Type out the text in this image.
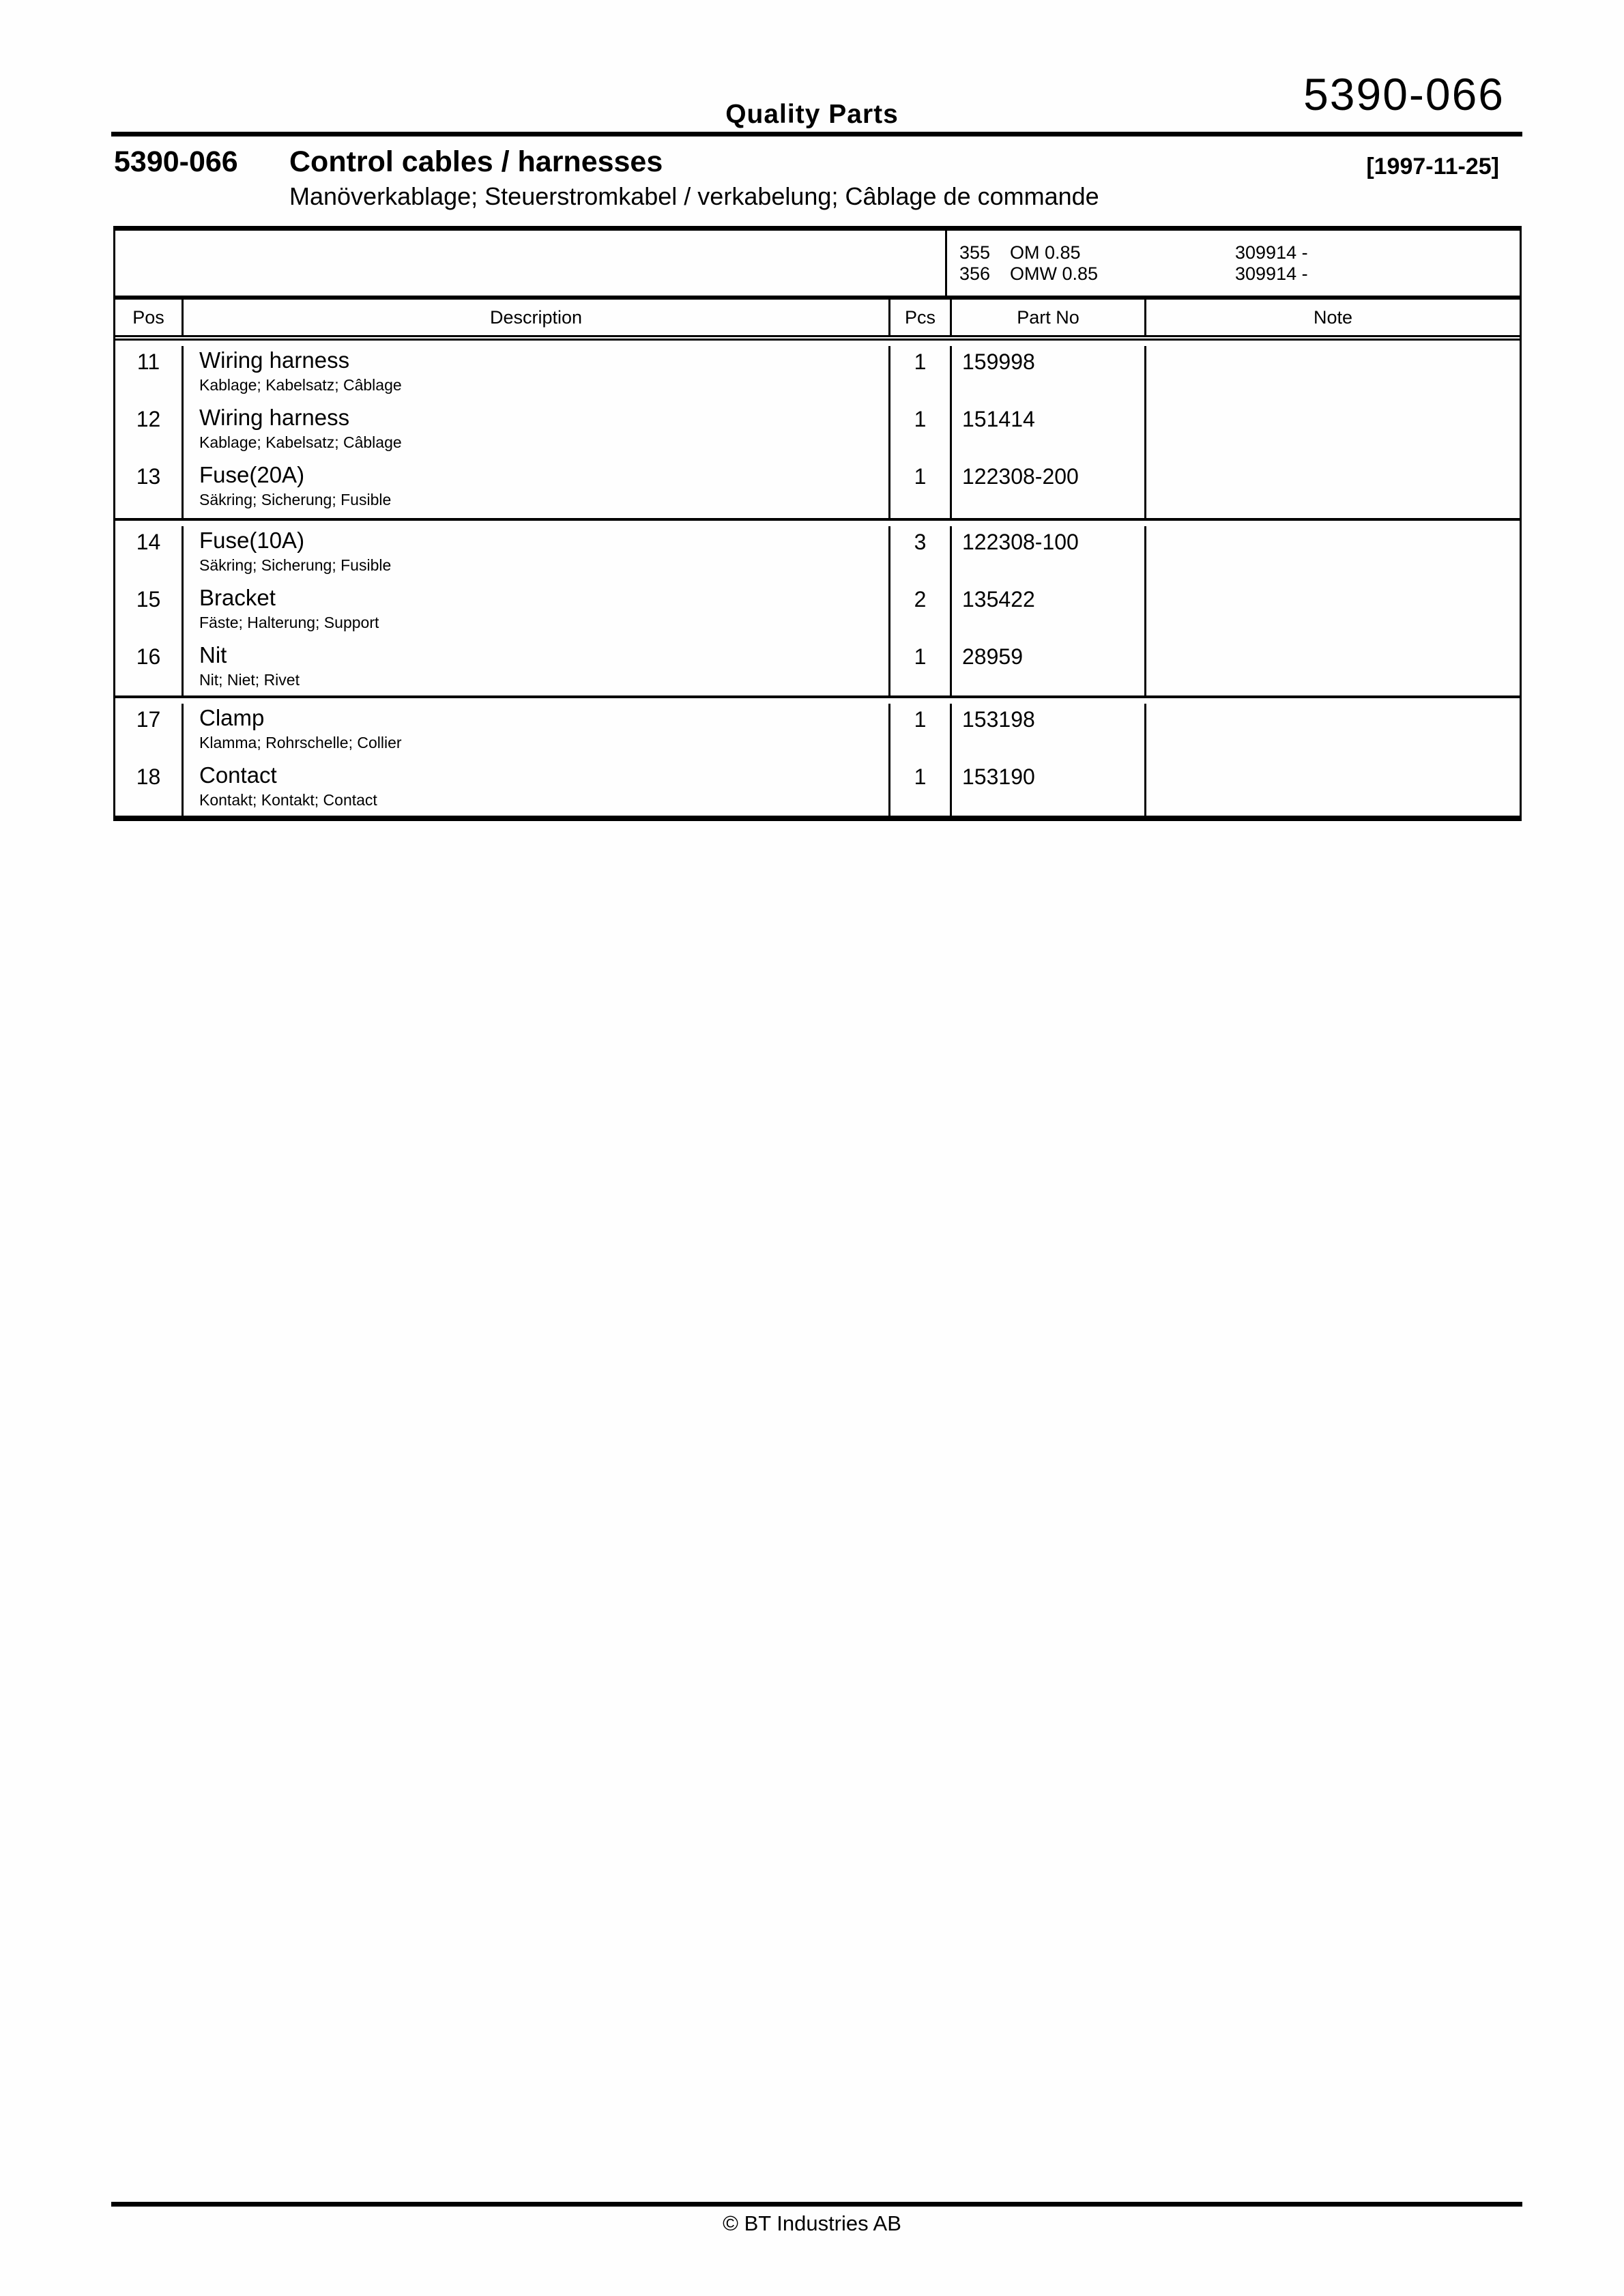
Quality Parts	5390-066
5390-066 Control cables / harnesses	[1997-11-25]
Manöverkablage; Steuerstromkabel / verkabelung; Câblage de commande
355 OM 0.85	309914 -
356 OMW 0.85	309914 -
Pos	Description	Pcs	Part No	Note
11	Wiring harness
Kablage; Kabelsatz; Câblage
1	159998
12	Wiring harness
Kablage; Kabelsatz; Câblage
1	151414
13	Fuse(20A)
Säkring; Sicherung; Fusible
1	122308-200
14	Fuse(10A)
Säkring; Sicherung; Fusible
3	122308-100
15	Bracket
Fäste; Halterung; Support
2	135422
16	Nit
Nit; Niet; Rivet
1	28959
17	Clamp
Klamma; Rohrschelle; Collier
1	153198
18	Contact
Kontakt; Kontakt; Contact
1	153190
© BT Industries AB
